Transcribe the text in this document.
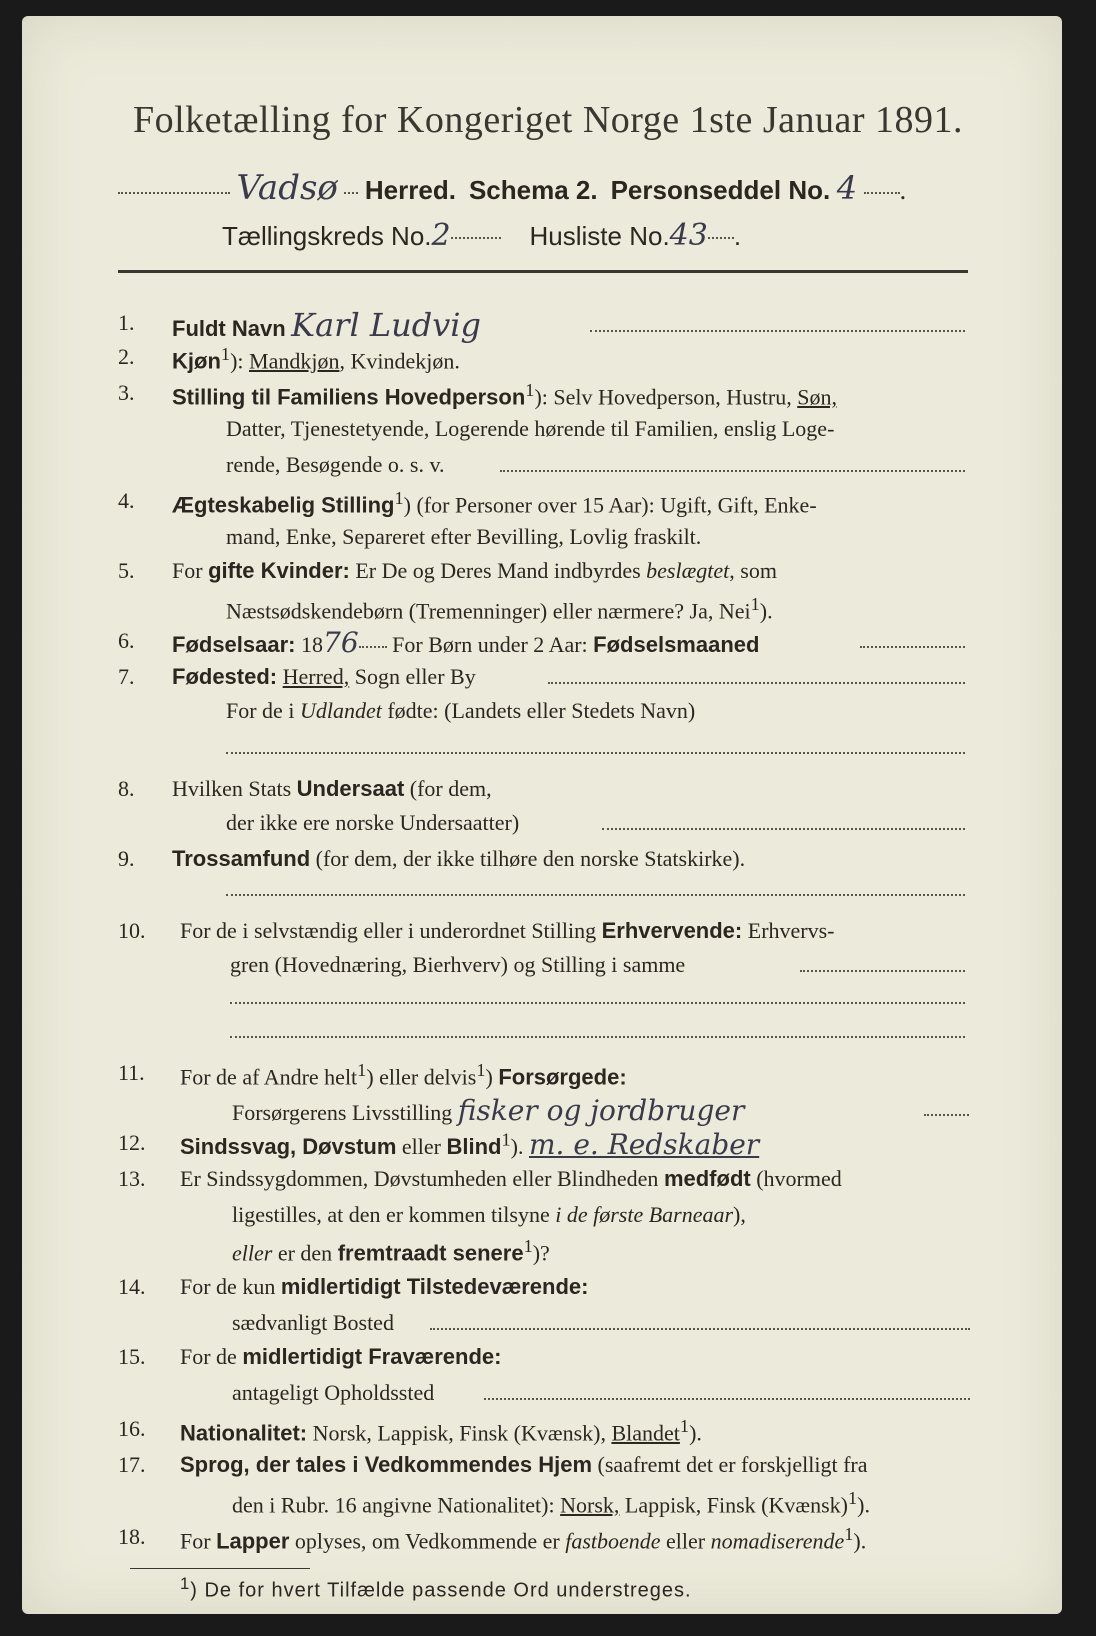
Folketælling for Kongeriget Norge 1ste Januar 1891.
Vadsø Herred. Schema 2. Personseddel No. 4 .
Tællingskreds No.2	Husliste No.43 .
1. Fuldt Navn Karl Ludvig
2. Kjøn$^1$): Mandkjøn, Kvindekjøn.
3. Stilling til Familiens Hovedperson$^1$): Selv Hovedperson, Hustru, Søn,
Datter, Tjenestetyende, Logerende hørende til Familien, enslig Loge-
rende, Besøgende o. s. v.
4. Ægteskabelig Stilling$^1$) (for Personer over 15 Aar): Ugift, Gift, Enke-
mand, Enke, Separeret efter Bevilling, Lovlig fraskilt.
5. For gifte Kvinder: Er De og Deres Mand indbyrdes beslægtet, som
Næstsødskendebørn (Tremenninger) eller nærmere? Ja, Nei$^1$).
6. Fødselsaar: 1876 For Børn under 2 Aar: Fødselsmaaned
7. Fødested: Herred, Sogn eller By
For de i Udlandet fødte: (Landets eller Stedets Navn)
8. Hvilken Stats Undersaat (for dem,
der ikke ere norske Undersaatter)
9. Trossamfund (for dem, der ikke tilhøre den norske Statskirke).
10. For de i selvstændig eller i underordnet Stilling Erhvervende: Erhvervs-
gren (Hovednæring, Bierhverv) og Stilling i samme
11. For de af Andre helt$^1$) eller delvis$^1$) Forsørgede:
Forsørgerens Livsstilling fisker og jordbruger
12. Sindssvag, Døvstum eller Blind$^1$). m. e. Redskaber
13. Er Sindssygdommen, Døvstumheden eller Blindheden medfødt (hvormed
ligestilles, at den er kommen tilsyne i de første Barneaar),
eller er den fremtraadt senere$^1$)?
14. For de kun midlertidigt Tilstedeværende:
sædvanligt Bosted
15. For de midlertidigt Fraværende:
antageligt Opholdssted
16. Nationalitet: Norsk, Lappisk, Finsk (Kvænsk), Blandet$^1$).
17. Sprog, der tales i Vedkommendes Hjem (saafremt det er forskjelligt fra
den i Rubr. 16 angivne Nationalitet): Norsk, Lappisk, Finsk (Kvænsk)$^1$).
18. For Lapper oplyses, om Vedkommende er fastboende eller nomadiserende$^1$).
$^1$) De for hvert Tilfælde passende Ord understreges.
